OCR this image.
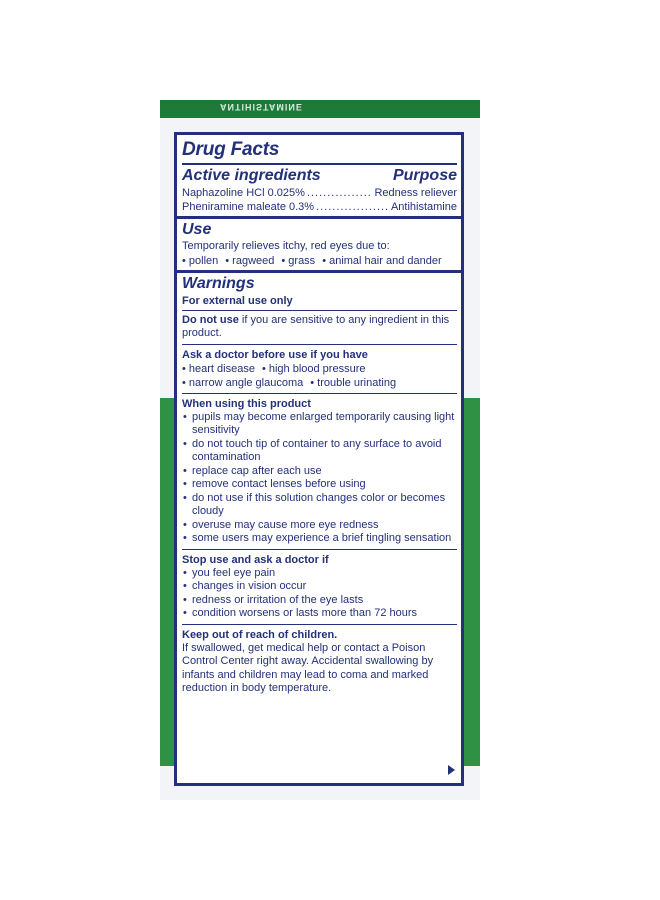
ANTIHISTAMINE
Drug Facts
Active ingredients	Purpose
Naphazoline HCl 0.025% .....	Redness reliever
Pheniramine maleate 0.3% .....	Antihistamine
Use
Temporarily relieves itchy, red eyes due to:
• pollen • ragweed • grass • animal hair and dander
Warnings
For external use only
Do not use if you are sensitive to any ingredient in this product.
Ask a doctor before use if you have
• heart disease • high blood pressure
• narrow angle glaucoma • trouble urinating
When using this product
• pupils may become enlarged temporarily causing light sensitivity
• do not touch tip of container to any surface to avoid contamination
• replace cap after each use
• remove contact lenses before using
• do not use if this solution changes color or becomes cloudy
• overuse may cause more eye redness
• some users may experience a brief tingling sensation
Stop use and ask a doctor if
• you feel eye pain
• changes in vision occur
• redness or irritation of the eye lasts
• condition worsens or lasts more than 72 hours
Keep out of reach of children.
If swallowed, get medical help or contact a Poison Control Center right away. Accidental swallowing by infants and children may lead to coma and marked reduction in body temperature.
